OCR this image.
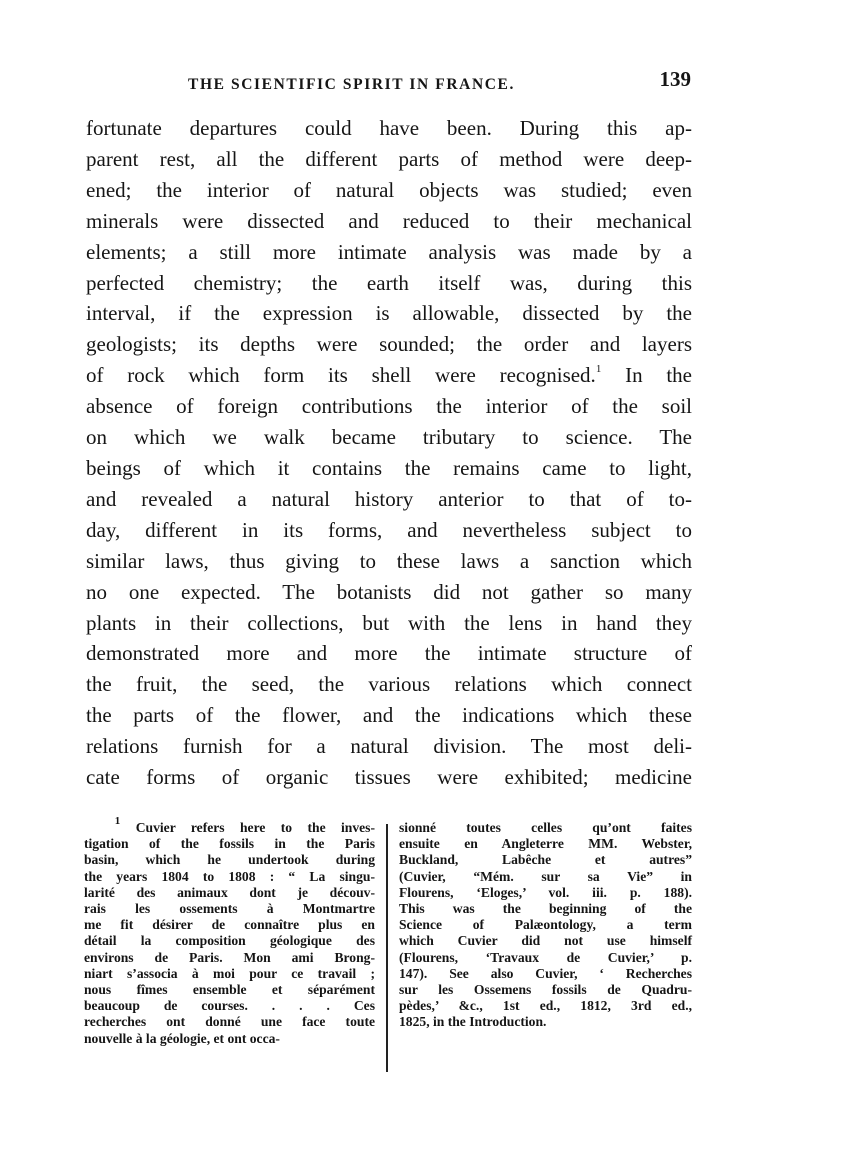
THE SCIENTIFIC SPIRIT IN FRANCE.	139
fortunate departures could have been. During this ap-
parent rest, all the different parts of method were deep-
ened; the interior of natural objects was studied; even
minerals were dissected and reduced to their mechanical
elements; a still more intimate analysis was made by a
perfected chemistry; the earth itself was, during this
interval, if the expression is allowable, dissected by the
geologists; its depths were sounded; the order and layers
of rock which form its shell were recognised.$^1$ In the
absence of foreign contributions the interior of the soil
on which we walk became tributary to science. The
beings of which it contains the remains came to light,
and revealed a natural history anterior to that of to-
day, different in its forms, and nevertheless subject to
similar laws, thus giving to these laws a sanction which
no one expected. The botanists did not gather so many
plants in their collections, but with the lens in hand they
demonstrated more and more the intimate structure of
the fruit, the seed, the various relations which connect
the parts of the flower, and the indications which these
relations furnish for a natural division. The most deli-
cate forms of organic tissues were exhibited; medicine
$^1$ Cuvier refers here to the inves-
tigation of the fossils in the Paris
basin, which he undertook during
the years 1804 to 1808 : “ La singu-
larité des animaux dont je découv-
rais les ossements à Montmartre
me fit désirer de connaître plus en
détail la composition géologique des
environs de Paris. Mon ami Brong-
niart s’associa à moi pour ce travail ;
nous fîmes ensemble et séparément
beaucoup de courses. . . . Ces
recherches ont donné une face toute
nouvelle à la géologie, et ont occa-
sionné toutes celles qu’ont faites
ensuite en Angleterre MM. Webster,
Buckland, Labêche et autres”
(Cuvier, “Mém. sur sa Vie” in
Flourens, ‘Eloges,’ vol. iii. p. 188).
This was the beginning of the
Science of Palæontology, a term
which Cuvier did not use himself
(Flourens, ‘Travaux de Cuvier,’ p.
147). See also Cuvier, ‘ Recherches
sur les Ossemens fossils de Quadru-
pèdes,’ &c., 1st ed., 1812, 3rd ed.,
1825, in the Introduction.
